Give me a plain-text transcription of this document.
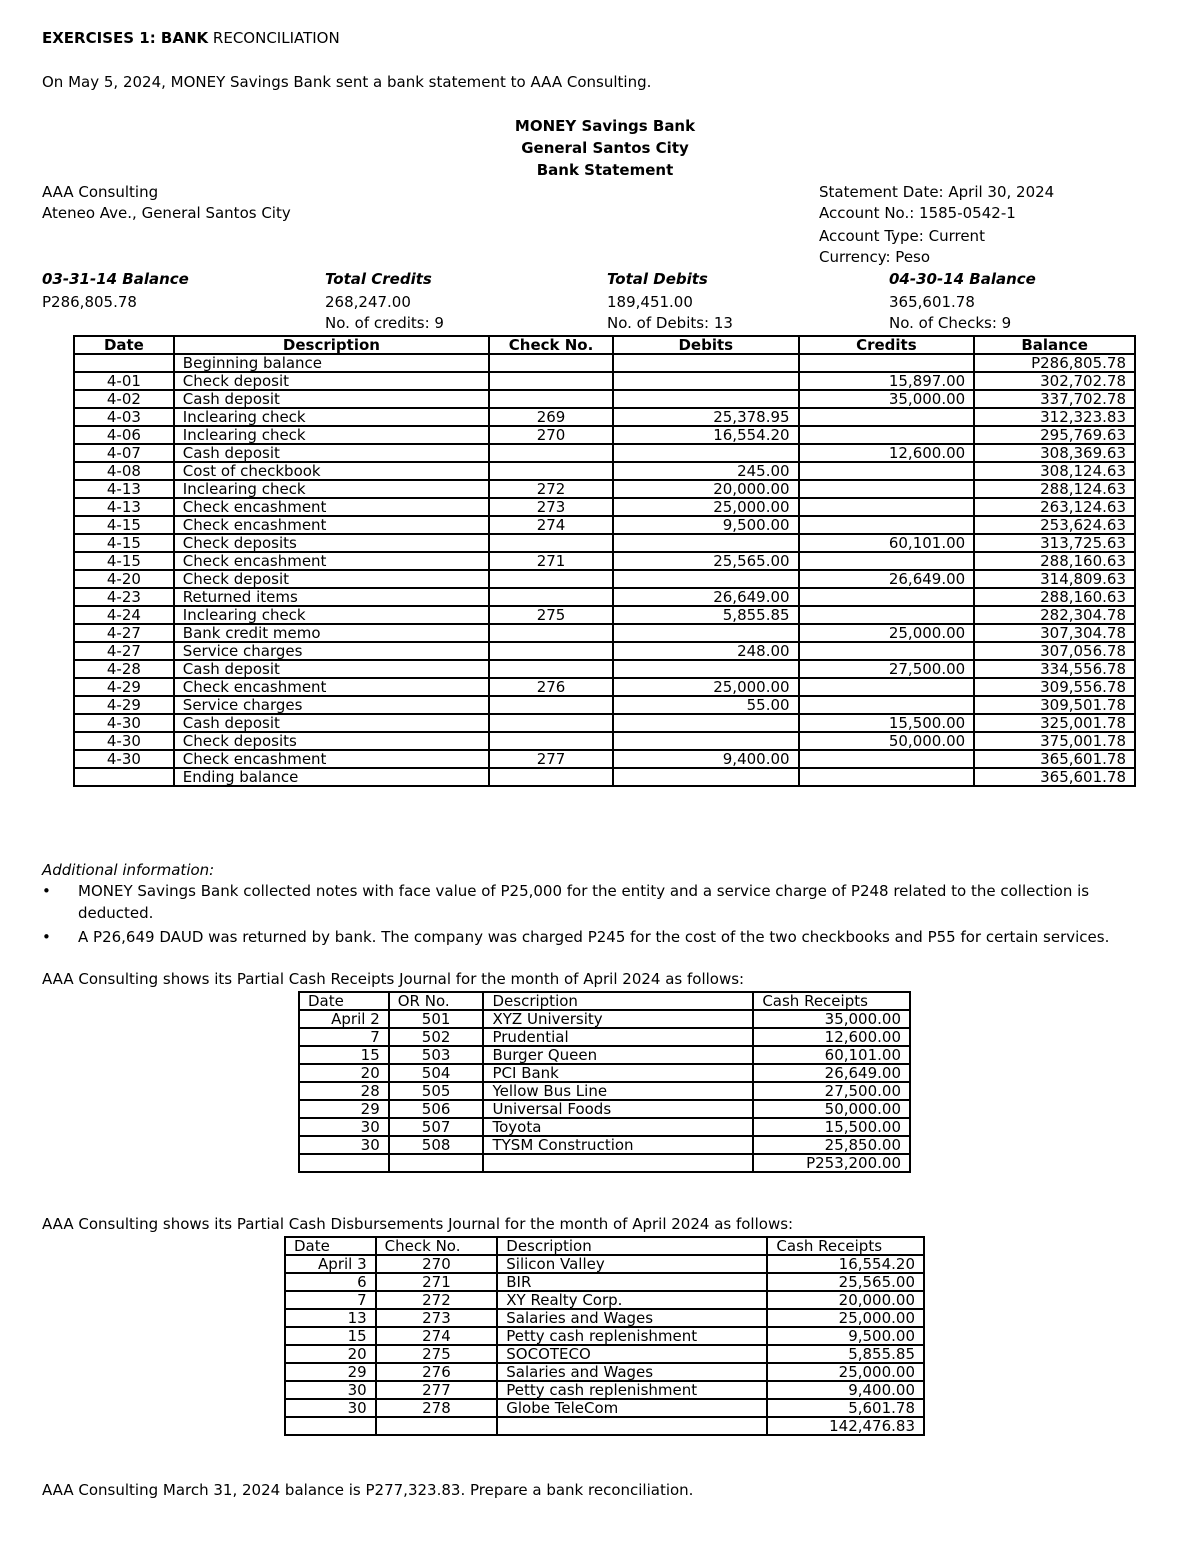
EXERCISES 1: BANK RECONCILIATION
On May 5, 2024, MONEY Savings Bank sent a bank statement to AAA Consulting.
MONEY Savings Bank
General Santos City
Bank Statement
AAA Consulting
Ateneo Ave., General Santos City
Statement Date: April 30, 2024
Account No.: 1585-0542-1
Account Type: Current
Currency: Peso
03-31-14 Balance
P286,805.78
Total Credits
268,247.00
No. of credits: 9
Total Debits
189,451.00
No. of Debits: 13
04-30-14 Balance
365,601.78
No. of Checks: 9
Date	Description	Check No.	Debits	Credits	Balance
	Beginning balance				P286,805.78
4-01	Check deposit			15,897.00	302,702.78
4-02	Cash deposit			35,000.00	337,702.78
4-03	Inclearing check	269	25,378.95		312,323.83
4-06	Inclearing check	270	16,554.20		295,769.63
4-07	Cash deposit			12,600.00	308,369.63
4-08	Cost of checkbook		245.00		308,124.63
4-13	Inclearing check	272	20,000.00		288,124.63
4-13	Check encashment	273	25,000.00		263,124.63
4-15	Check encashment	274	9,500.00		253,624.63
4-15	Check deposits			60,101.00	313,725.63
4-15	Check encashment	271	25,565.00		288,160.63
4-20	Check deposit			26,649.00	314,809.63
4-23	Returned items		26,649.00		288,160.63
4-24	Inclearing check	275	5,855.85		282,304.78
4-27	Bank credit memo			25,000.00	307,304.78
4-27	Service charges		248.00		307,056.78
4-28	Cash deposit			27,500.00	334,556.78
4-29	Check encashment	276	25,000.00		309,556.78
4-29	Service charges		55.00		309,501.78
4-30	Cash deposit			15,500.00	325,001.78
4-30	Check deposits			50,000.00	375,001.78
4-30	Check encashment	277	9,400.00		365,601.78
	Ending balance				365,601.78
Additional information:
• MONEY Savings Bank collected notes with face value of P25,000 for the entity and a service charge of P248 related to the collection is
deducted.
• A P26,649 DAUD was returned by bank. The company was charged P245 for the cost of the two checkbooks and P55 for certain services.
AAA Consulting shows its Partial Cash Receipts Journal for the month of April 2024 as follows:
Date	OR No.	Description	Cash Receipts
April 2	501	XYZ University	35,000.00
7	502	Prudential	12,600.00
15	503	Burger Queen	60,101.00
20	504	PCI Bank	26,649.00
28	505	Yellow Bus Line	27,500.00
29	506	Universal Foods	50,000.00
30	507	Toyota	15,500.00
30	508	TYSM Construction	25,850.00
			P253,200.00
AAA Consulting shows its Partial Cash Disbursements Journal for the month of April 2024 as follows:
Date	Check No.	Description	Cash Receipts
April 3	270	Silicon Valley	16,554.20
6	271	BIR	25,565.00
7	272	XY Realty Corp.	20,000.00
13	273	Salaries and Wages	25,000.00
15	274	Petty cash replenishment	9,500.00
20	275	SOCOTECO	5,855.85
29	276	Salaries and Wages	25,000.00
30	277	Petty cash replenishment	9,400.00
30	278	Globe TeleCom	5,601.78
			142,476.83
AAA Consulting March 31, 2024 balance is P277,323.83. Prepare a bank reconciliation.
